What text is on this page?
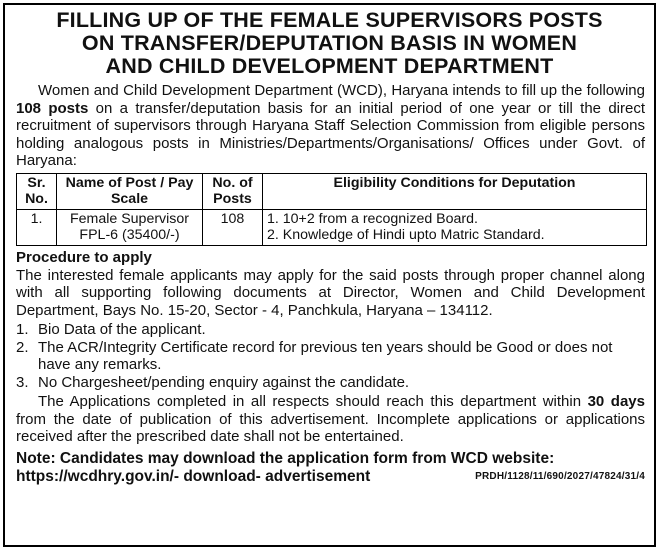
FILLING UP OF THE FEMALE SUPERVISORS POSTS
ON TRANSFER/DEPUTATION BASIS IN WOMEN
AND CHILD DEVELOPMENT DEPARTMENT
Women and Child Development Department (WCD), Haryana intends to fill up the following 108 posts on a transfer/deputation basis for an initial period of one year or till the direct recruitment of supervisors through Haryana Staff Selection Commission from eligible persons holding analogous posts in Ministries/Departments/Organisations/ Offices under Govt. of Haryana:
Sr. No.	Name of Post / Pay Scale	No. of Posts	Eligibility Conditions for Deputation
1.	Female Supervisor FPL-6 (35400/-)	108	1. 10+2 from a recognized Board.
2. Knowledge of Hindi upto Matric Standard.
Procedure to apply
The interested female applicants may apply for the said posts through proper channel along with all supporting following documents at Director, Women and Child Development Department, Bays No. 15-20, Sector - 4, Panchkula, Haryana – 134112.
1. Bio Data of the applicant.
2. The ACR/Integrity Certificate record for previous ten years should be Good or does not have any remarks.
3. No Chargesheet/pending enquiry against the candidate.
The Applications completed in all respects should reach this department within 30 days from the date of publication of this advertisement. Incomplete applications or applications received after the prescribed date shall not be entertained.
Note: Candidates may download the application form from WCD website:
https://wcdhry.gov.in/- download- advertisement	PRDH/1128/11/690/2027/47824/31/4
